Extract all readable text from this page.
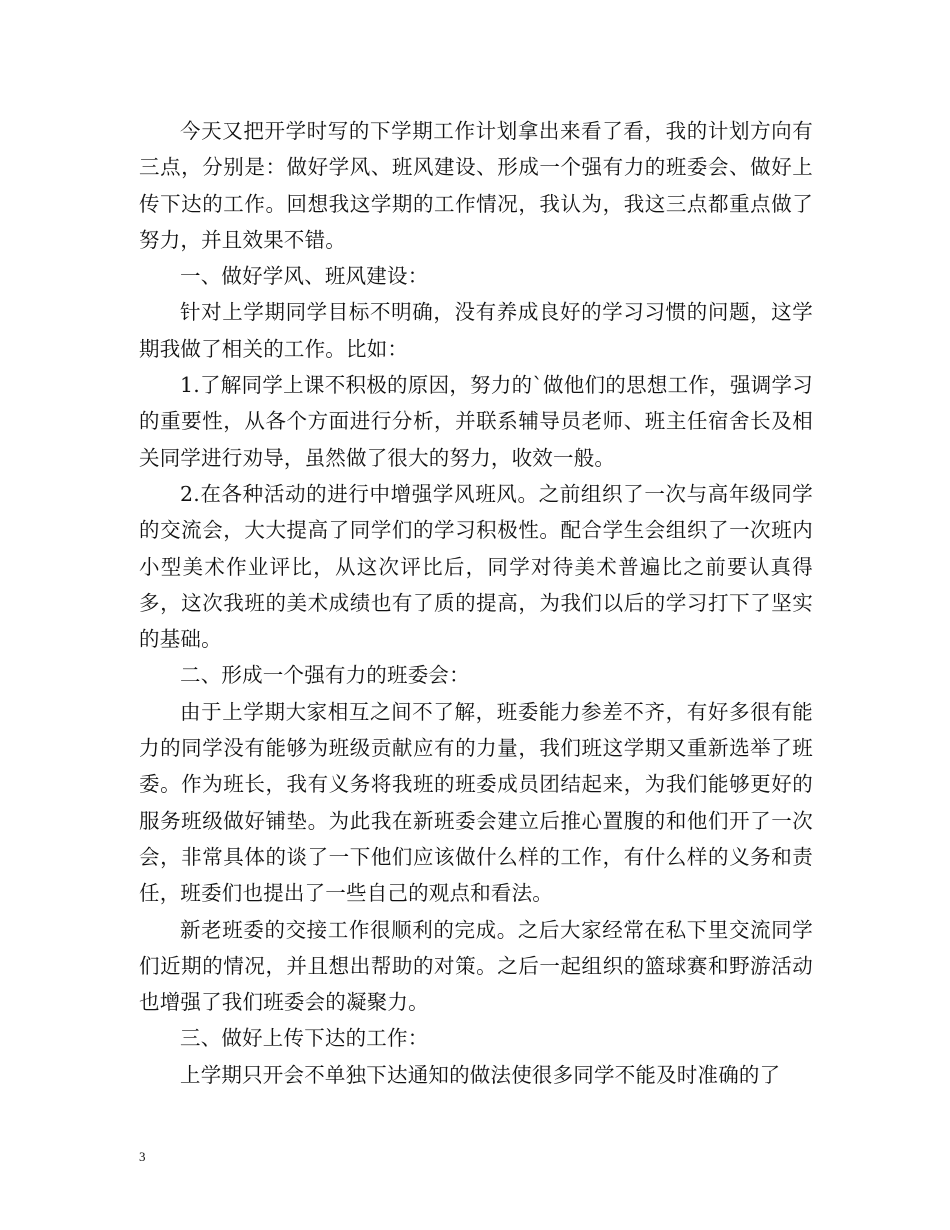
今天又把开学时写的下学期工作计划拿出来看了看，我的计划方向有三点，分别是：做好学风、班风建设、形成一个强有力的班委会、做好上传下达的工作。回想我这学期的工作情况，我认为，我这三点都重点做了努力，并且效果不错。

一、做好学风、班风建设：

针对上学期同学目标不明确，没有养成良好的学习习惯的问题，这学期我做了相关的工作。比如：

1.了解同学上课不积极的原因，努力的`做他们的思想工作，强调学习的重要性，从各个方面进行分析，并联系辅导员老师、班主任宿舍长及相关同学进行劝导，虽然做了很大的努力，收效一般。

2.在各种活动的进行中增强学风班风。之前组织了一次与高年级同学的交流会，大大提高了同学们的学习积极性。配合学生会组织了一次班内小型美术作业评比，从这次评比后，同学对待美术普遍比之前要认真得多，这次我班的美术成绩也有了质的提高，为我们以后的学习打下了坚实的基础。

二、形成一个强有力的班委会：

由于上学期大家相互之间不了解，班委能力参差不齐，有好多很有能力的同学没有能够为班级贡献应有的力量，我们班这学期又重新选举了班委。作为班长，我有义务将我班的班委成员团结起来，为我们能够更好的服务班级做好铺垫。为此我在新班委会建立后推心置腹的和他们开了一次会，非常具体的谈了一下他们应该做什么样的工作，有什么样的义务和责任，班委们也提出了一些自己的观点和看法。

新老班委的交接工作很顺利的完成。之后大家经常在私下里交流同学们近期的情况，并且想出帮助的对策。之后一起组织的篮球赛和野游活动也增强了我们班委会的凝聚力。

三、做好上传下达的工作：

上学期只开会不单独下达通知的做法使很多同学不能及时准确的了

3
